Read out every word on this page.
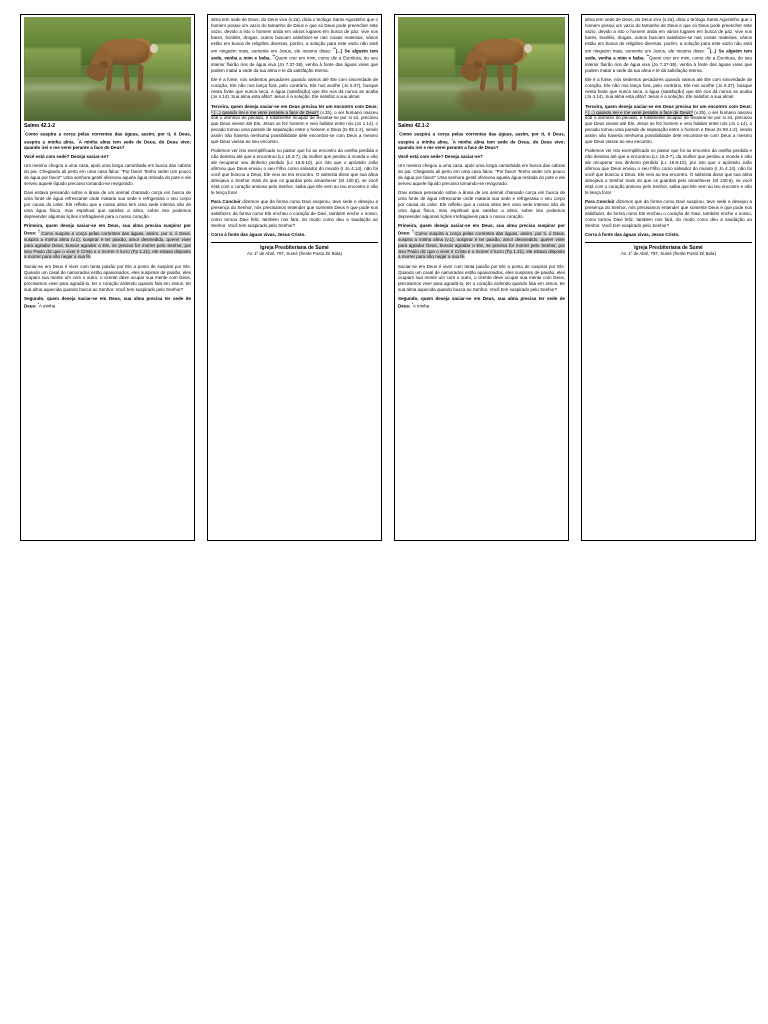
Salmo 42.1-2

$^{^1}$Como suspira a corça pelas correntes das águas, assim, por ti, ó Deus, suspira a minha alma. $^{^2}$A minha alma tem sede de Deus, do Deus vivo; quando irei e me verei perante a face de Deus?

Você está com sede? Deseja saciar-se?

Um menino chegou a uma casa, após uma longa caminhada em busca das cabras do pai. Chegando ali perto em uma casa falou: "Por favor! Tenho sede! Um pouco de água por favor!" Uma senhora gentil ofereceu aquela água retirada do pote e ele serveu aquele líquido precioso tomando-se revigorado.

Davi estava pensando sobre a ânsia de um animal chamado corça em busca de uma fonte de água refrescante onde mataria sua sede e refrigeraria o seu corpo por causa do calor. Ele refletiu que a nossa alma tem uma sede intensa não de uma água física, mas espiritual que satisfaz a alma, sobre isto podemos depreender algumas lições irrefragáveis para o nosso coração.

Primeira, quem deseja saciar-se em Deus, sua alma precisa suspirar por Deus: $^{^1}$ Como suspira a corça pelas correntes das águas, assim, por ti, ó Deus, suspira a minha alma (v.1), suspirar é ter paixão, amor desmedido, querer viver para agradar Deus, buscar agradar a Ele, se precisa for morrer pelo Senhor, por isso Paulo diz que o viver é Cristo e o morrer é lucro (Fp 1.21), ele estava disposto a morrer para não negar a sua fé.

Saciar-se em Deus é viver com tanta paixão por Ele a ponto de suspirar por Ele. Quando um casal de namorados estão apaixonados, eles suspiram de paixão, eles ocupam sua mente um com o outro, o cirente deve ocupar sua mente com Deus, precisamos viver para agradá-lo, ter o coração ardendo quando fala em Jesus, ter sua alma aquecida quando busca ao Senhor. Você tem suspirado pelo Senhor?

Segundo, quem deseja saciar-se em Deus, sua alma precisa ter sede de Deus: $^{^2}$A minha

alma tem sede de Deus, do Deus vivo (v.2a), dizia o teólogo Santo Agostinho que o homem possui um vazio do tamanho de Deus e que só Deus pode preencher este vazio, devido a isto o homem anda em vários lugares em busca de paz, vive nos bares, bordéis, drogas, outros buscam satisfazer-se nas coisas materiais, vários estão em busca de religiões diversas, porém, a solução para este vazio não está em ninguém mais, somente em Jesus, ele mesmo disse: $^{^{10}}$(...) Se alguém tem sede, venha a mim e beba. $^{^{38}}$Quem crer em mim, como diz a Escritura, do seu interior fluirão rios de água viva (Jo 7.37-38), venha à fonte das águas vivas que podem matar a sede da tua alma e te dá satisfação eterna.

Ele é a fonte, nós sedentos pecadores quando vamos até Ele com sinceridade de coração, Ele não nos lança fora, pelo contrário, Ele nos acolhe (Jo 6.37), busque nesta fonte que nunca seca, a água (satisfação) que Ele nos dá nunca se acaba (Jo 4.14). Sua alma esta afita? Jesus é a solução, Ele satisfaz a sua alma!

Terceira, quem deseja saciar-se em Deus precisa ter um encontro com Deus: ² (...) quando irei e me verei perante a face de Deus? (v.2b), o ser humano nasceu sob o domínio do pecado, é totalmente incapaz de levantar-se por si só, precisou que Deus viesse até Ele, Jesus se fez homem e veio habitar entre nós (Jo 1.14), o pecado tomou uma parede de separação entre o homem e Deus (Is 59.1-2), sendo assim não haveria nenhuma possibilidade dele encontrar-se com Deus a mesmo que Deus viesse ao seu encontro.

Podemos ver isto exemplificado no pastor que foi ao encontro da ovelha perdida e não desistiu até que a encontrou (Lc 15.3-7), da mulher que perdeu a moeda e não ale recuperar seu dinheiro perdido (Lc 15.8-10), por isto que o apóstolo João afirmou que Deus enviou o seu Filho como salvador do mundo (I Jo 4.14), não foi você que buscou a Deus, Ele veio ao teu encontro. O salmista disse que sua alma almejava o Senhor mais do que os guardas pelo amanhecer (Sl 130.6), se você está com o coração ansioso pelo Senhor, saiba que Ele vem ao teu encontro e não te lança fora!

Para Concluir dizemos que da forma como Davi suspirou, teve sede e desejou a presença do Senhor, nós precisamos entender que somente Deus é que pode nos satisfazer, da forma como Ele encheu o coração de Davi, também enche o nosso, como tornou Davi feliz, também nos fará, do modo como deu a saudação ao Senhor. Você tem suspirado pelo Senhor?

Corra à fonte das águas vivas, Jesus Cristo.

Igreja Presbiteriana de Sumé
Av. 1º de Abril, 797, Sumé (frente Posto Zé Bola)
Salmo 42.1-2

$^{^1}$Como suspira a corça pelas correntes das águas, assim, por ti, ó Deus, suspira a minha alma. $^{^2}$A minha alma tem sede de Deus, do Deus vivo; quando irei e me verei perante a face de Deus?

Você está com sede? Deseja saciar-se?

Um menino chegou a uma casa, após uma longa caminhada em busca das cabras do pai. Chegando ali perto em uma casa falou: "Por favor! Tenho sede! Um pouco de água por favor!" Uma senhora gentil ofereceu aquela água retirada do pote e ele serveu aquele líquido precioso tomando-se revigorado.

Davi estava pensando sobre a ânsia de um animal chamado corça em busca de uma fonte de água refrescante onde mataria sua sede e refrigeraria o seu corpo por causa do calor. Ele refletiu que a nossa alma tem uma sede intensa não de uma água física, mas espiritual que satisfaz a alma, sobre isto podemos depreender algumas lições irrefragáveis para o nosso coração.

Primeira, quem deseja saciar-se em Deus, sua alma precisa suspirar por Deus: $^{^1}$ Como suspira a corça pelas correntes das águas, assim, por ti, ó Deus, suspira a minha alma (v.1), suspirar é ter paixão, amor desmedido, querer viver para agradar Deus, buscar agradar a Ele, se precisa for morrer pelo Senhor, por isso Paulo diz que o viver é Cristo e o morrer é lucro (Fp 1.21), ele estava disposto a morrer para não negar a sua fé.

Saciar-se em Deus é viver com tanta paixão por Ele a ponto de suspirar por Ele. Quando um casal de namorados estão apaixonados, eles suspiram de paixão, eles ocupam sua mente um com o outro, o cirente deve ocupar sua mente com Deus, precisamos viver para agradá-lo, ter o coração ardendo quando fala em Jesus, ter sua alma aquecida quando busca ao Senhor. Você tem suspirado pelo Senhor?

Segundo, quem deseja saciar-se em Deus, sua alma precisa ter sede de Deus: $^{^2}$A minha

alma tem sede de Deus, do Deus vivo (v.2a), dizia o teólogo Santo Agostinho que o homem possui um vazio do tamanho de Deus e que só Deus pode preencher este vazio, devido a isto o homem anda em vários lugares em busca de paz, vive nos bares, bordéis, drogas, outros buscam satisfazer-se nas coisas materiais, vários estão em busca de religiões diversas, porém, a solução para este vazio não está em ninguém mais, somente em Jesus, ele mesmo disse: $^{^{10}}$(...) Se alguém tem sede, venha a mim e beba. $^{^{38}}$Quem crer em mim, como diz a Escritura, do seu interior fluirão rios de água viva (Jo 7.37-38), venha à fonte das águas vivas que podem matar a sede da tua alma e te dá satisfação eterna.

Ele é a fonte, nós sedentos pecadores quando vamos até Ele com sinceridade de coração, Ele não nos lança fora, pelo contrário, Ele nos acolhe (Jo 6.37), busque nesta fonte que nunca seca, a água (satisfação) que Ele nos dá nunca se acaba (Jo 4.14). Sua alma esta afita? Jesus é a solução, Ele satisfaz a sua alma!

Terceira, quem deseja saciar-se em Deus precisa ter um encontro com Deus: ² (...) quando irei e me verei perante a face de Deus? (v.2b), o ser humano nasceu sob o domínio do pecado, é totalmente incapaz de levantar-se por si só, precisou que Deus viesse até Ele, Jesus se fez homem e veio habitar entre nós (Jo 1.14), o pecado tomou uma parede de separação entre o homem e Deus (Is 59.1-2), sendo assim não haveria nenhuma possibilidade dele encontrar-se com Deus a mesmo que Deus viesse ao seu encontro.

Podemos ver isto exemplificado no pastor que foi ao encontro da ovelha perdida e não desistiu até que a encontrou (Lc 15.3-7), da mulher que perdeu a moeda e não ale recuperar seu dinheiro perdido (Lc 15.8-10), por isto que o apóstolo João afirmou que Deus enviou o seu Filho como salvador do mundo (I Jo 4.14), não foi você que buscou a Deus, Ele veio ao teu encontro. O salmista disse que sua alma almejava o Senhor mais do que os guardas pelo amanhecer (Sl 130.6), se você está com o coração ansioso pelo Senhor, saiba que Ele vem ao teu encontro e não te lança fora!

Para Concluir dizemos que da forma como Davi suspirou, teve sede e desejou a presença do Senhor, nós precisamos entender que somente Deus é que pode nos satisfazer, da forma como Ele encheu o coração de Davi, também enche o nosso, como tornou Davi feliz, também nos fará, do modo como deu a saudação ao Senhor. Você tem suspirado pelo Senhor?

Corra à fonte das águas vivas, Jesus Cristo.

Igreja Presbiteriana de Sumé
Av. 1º de Abril, 797, Sumé (frente Posto Zé Bola)
